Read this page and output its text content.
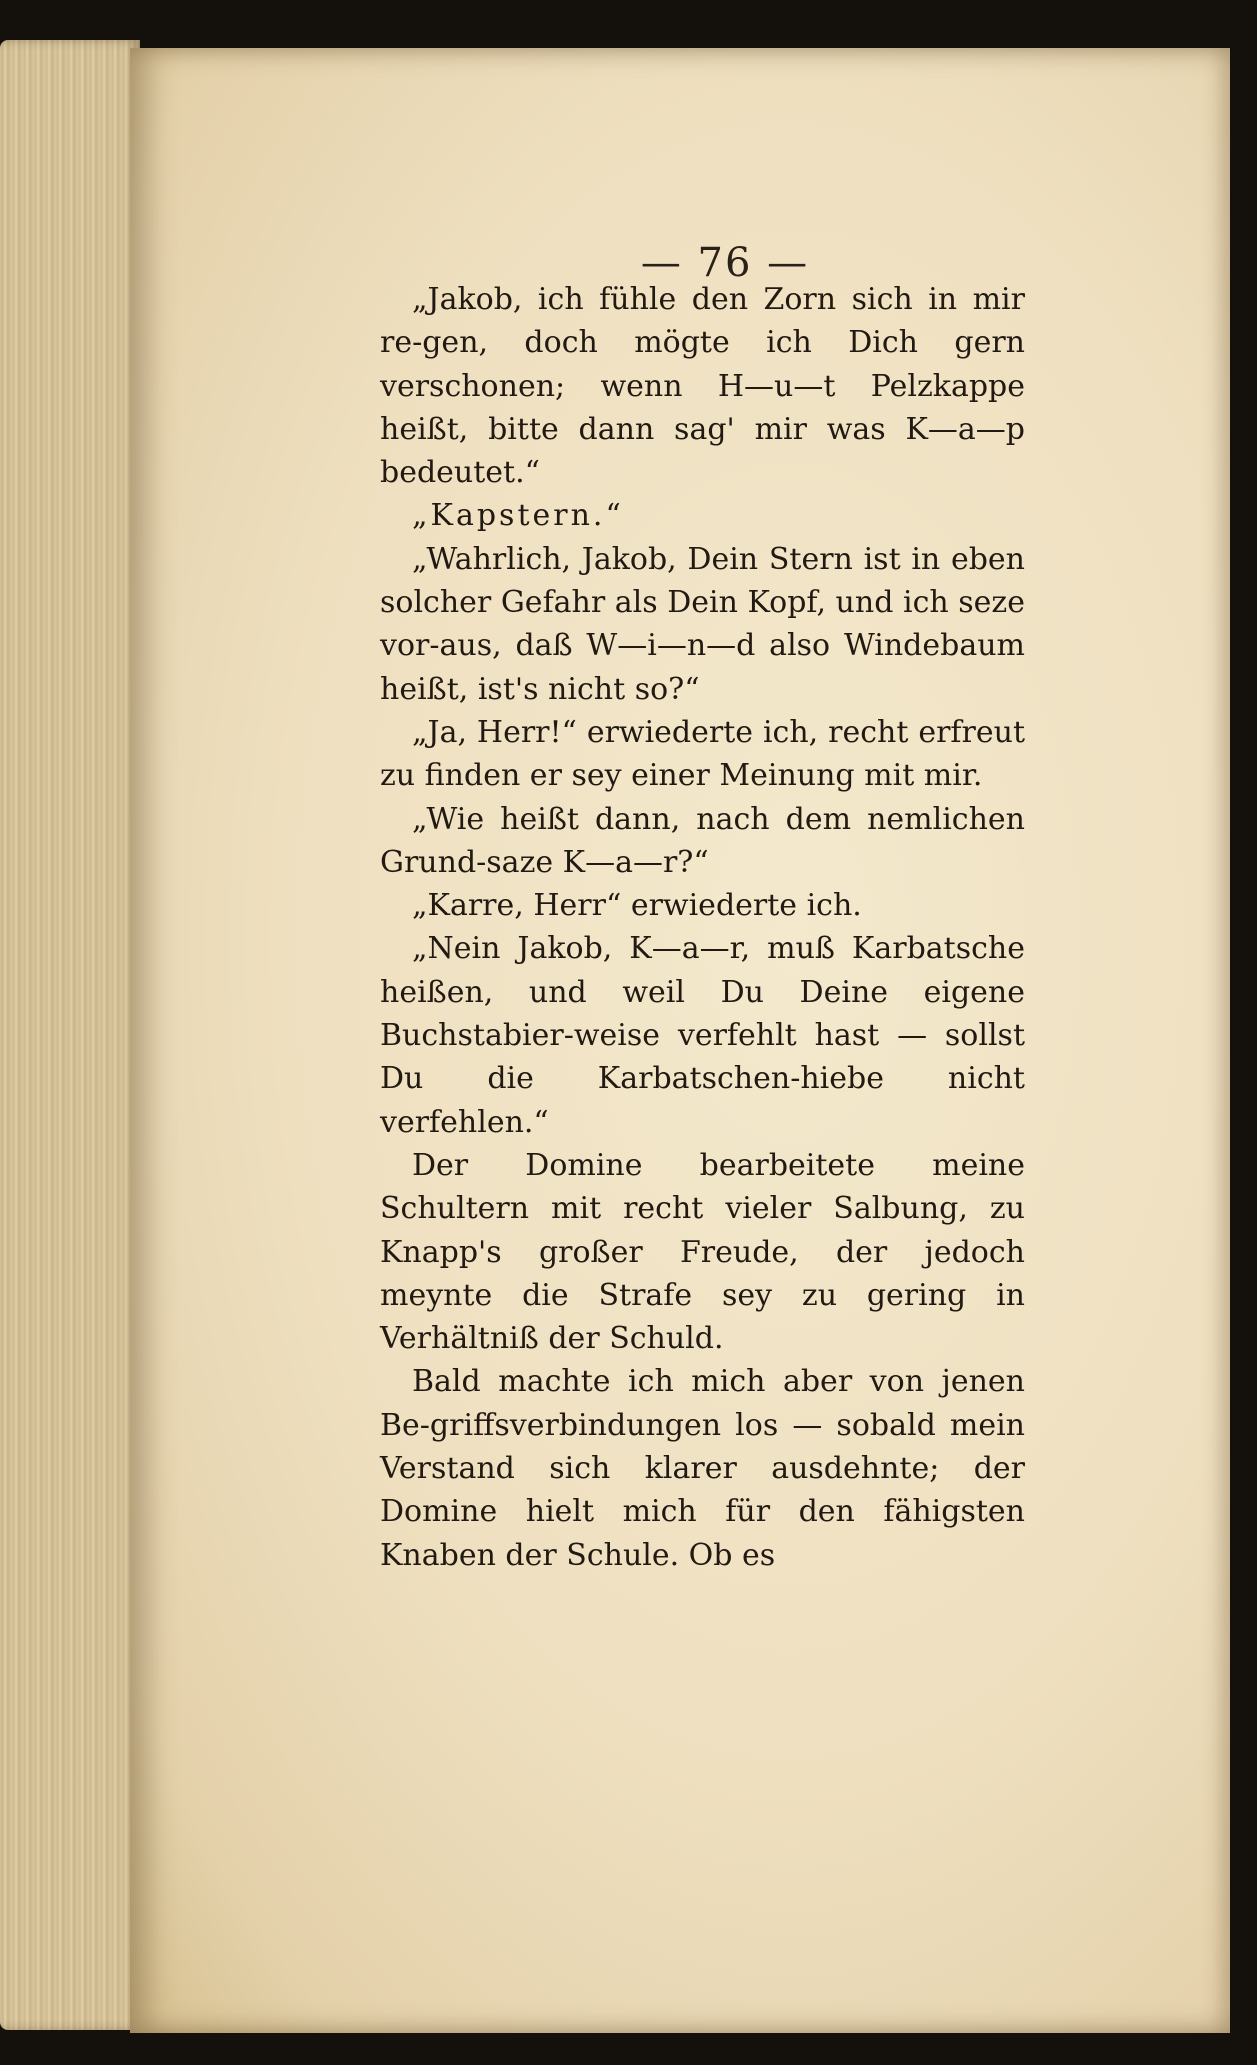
— 76 —

„Jakob, ich fühle den Zorn sich in mir re-gen, doch mögte ich Dich gern verschonen; wenn H—u—t Pelzkappe heißt, bitte dann sag' mir was K—a—p bedeutet.“

„Kapstern.“

„Wahrlich, Jakob, Dein Stern ist in eben solcher Gefahr als Dein Kopf, und ich seze vor-aus, daß W—i—n—d also Windebaum heißt, ist's nicht so?“

„Ja, Herr!“ erwiederte ich, recht erfreut zu finden er sey einer Meinung mit mir.

„Wie heißt dann, nach dem nemlichen Grund-saze K—a—r?“

„Karre, Herr“ erwiederte ich.

„Nein Jakob, K—a—r, muß Karbatsche heißen, und weil Du Deine eigene Buchstabier-weise verfehlt hast — sollst Du die Karbatschen-hiebe nicht verfehlen.“

Der Domine bearbeitete meine Schultern mit recht vieler Salbung, zu Knapp's großer Freude, der jedoch meynte die Strafe sey zu gering in Verhältniß der Schuld.

Bald machte ich mich aber von jenen Be-griffsverbindungen los — sobald mein Verstand sich klarer ausdehnte; der Domine hielt mich für den fähigsten Knaben der Schule. Ob es
